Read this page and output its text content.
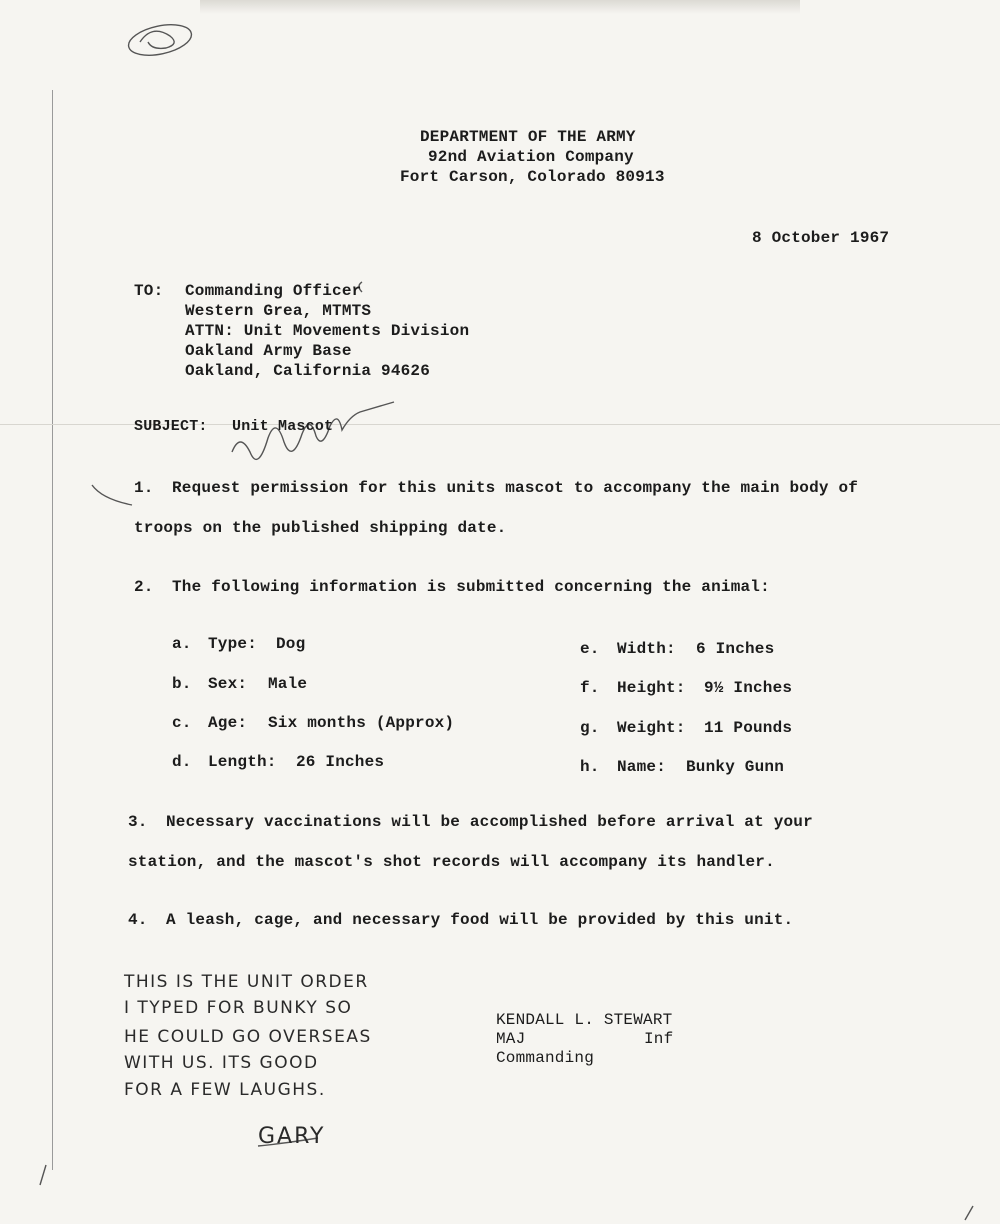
DEPARTMENT OF THE ARMY
92nd Aviation Company
Fort Carson, Colorado 80913
8 October 1967
TO: Commanding Officer
Western Grea, MTMTS
ATTN: Unit Movements Division
Oakland Army Base
Oakland, California 94626
SUBJECT: Unit Mascot
1. Request permission for this units mascot to accompany the main body of
troops on the published shipping date.
2. The following information is submitted concerning the animal:
a. Type: Dog
b. Sex: Male
c. Age: Six months (Approx)
d. Length: 26 Inches
e. Width: 6 Inches
f. Height: 9½ Inches
g. Weight: 11 Pounds
h. Name: Bunky Gunn
3. Necessary vaccinations will be accomplished before arrival at your
station, and the mascot's shot records will accompany its handler.
4. A leash, cage, and necessary food will be provided by this unit.
KENDALL L. STEWART
MAJ	Inf
Commanding
THIS IS THE UNIT ORDER
I TYPED FOR BUNKY SO
HE COULD GO OVERSEAS
WITH US. ITS GOOD
FOR A FEW LAUGHS.
GARY
